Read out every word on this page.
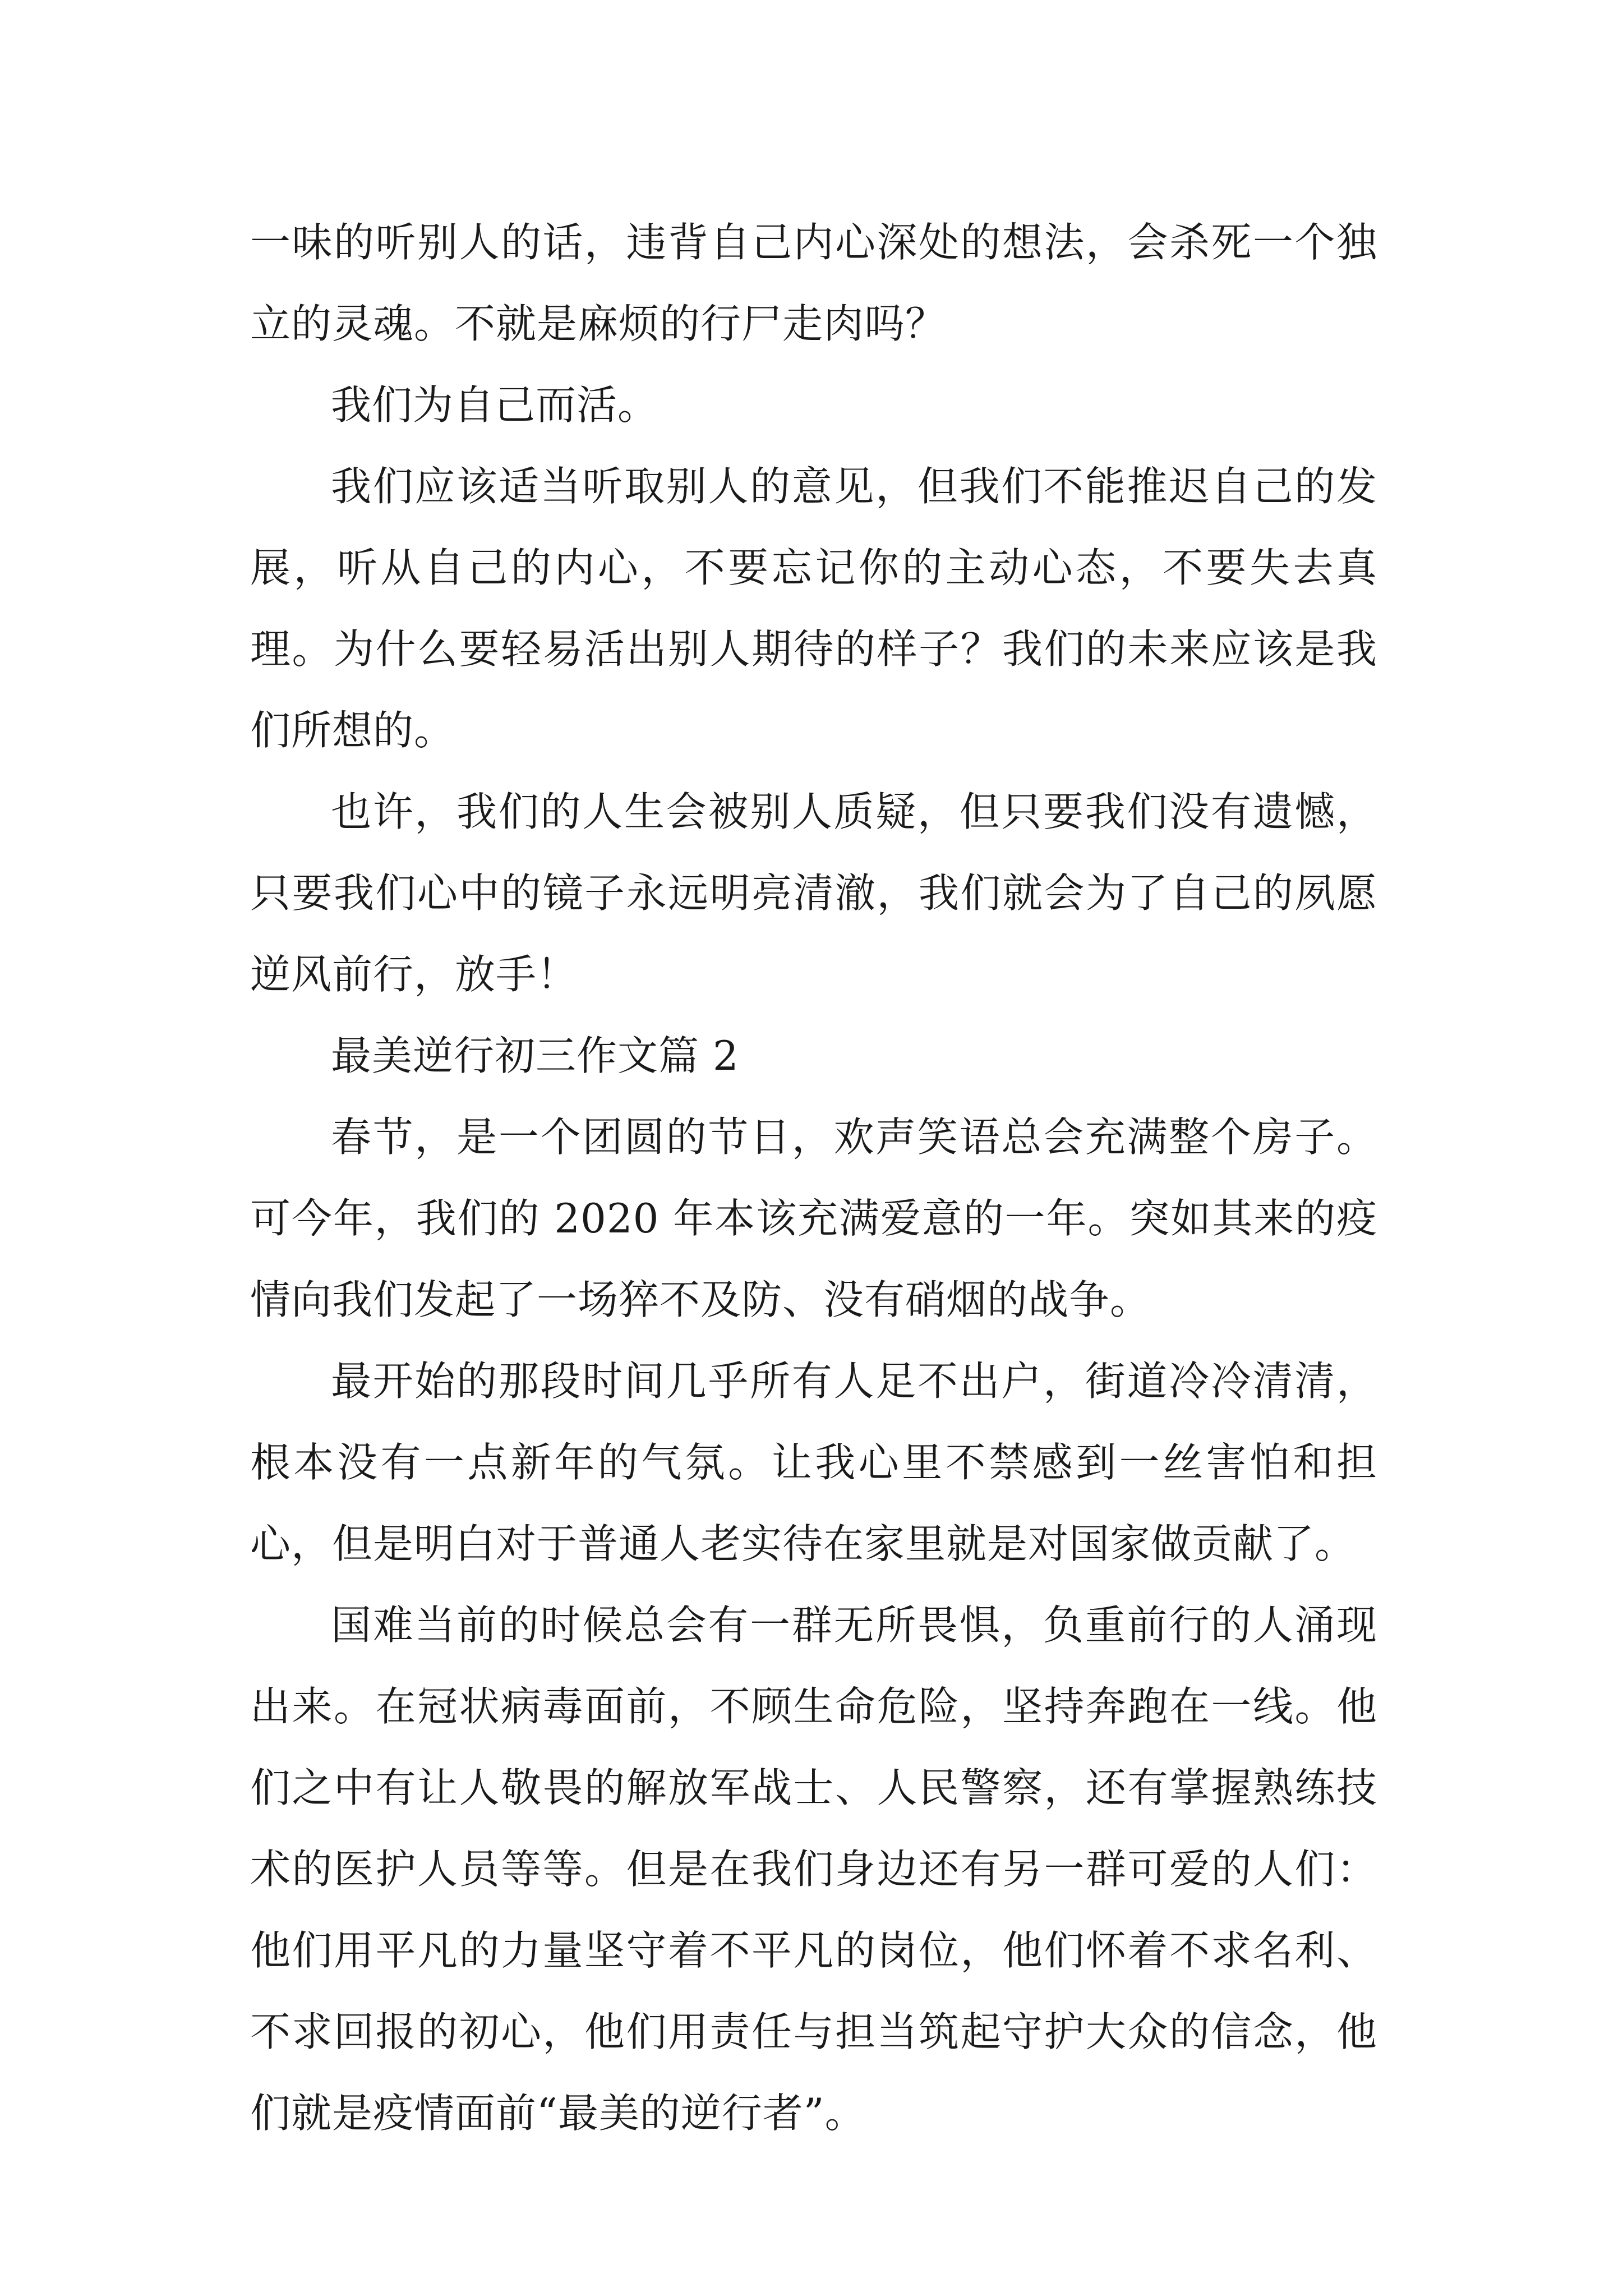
一味的听别人的话，违背自己内心深处的想法，会杀死一个独立的灵魂。不就是麻烦的行尸走肉吗？

我们为自己而活。

我们应该适当听取别人的意见，但我们不能推迟自己的发展，听从自己的内心，不要忘记你的主动心态，不要失去真理。为什么要轻易活出别人期待的样子？我们的未来应该是我们所想的。

也许，我们的人生会被别人质疑，但只要我们没有遗憾，只要我们心中的镜子永远明亮清澈，我们就会为了自己的夙愿逆风前行，放手！

最美逆行初三作文篇 2

春节，是一个团圆的节日，欢声笑语总会充满整个房子。可今年，我们的 2020 年本该充满爱意的一年。突如其来的疫情向我们发起了一场猝不及防、没有硝烟的战争。

最开始的那段时间几乎所有人足不出户，街道冷冷清清，根本没有一点新年的气氛。让我心里不禁感到一丝害怕和担心，但是明白对于普通人老实待在家里就是对国家做贡献了。

国难当前的时候总会有一群无所畏惧，负重前行的人涌现出来。在冠状病毒面前，不顾生命危险，坚持奔跑在一线。他们之中有让人敬畏的解放军战士、人民警察，还有掌握熟练技术的医护人员等等。但是在我们身边还有另一群可爱的人们：他们用平凡的力量坚守着不平凡的岗位，他们怀着不求名利、不求回报的初心，他们用责任与担当筑起守护大众的信念，他们就是疫情面前“最美的逆行者”。
